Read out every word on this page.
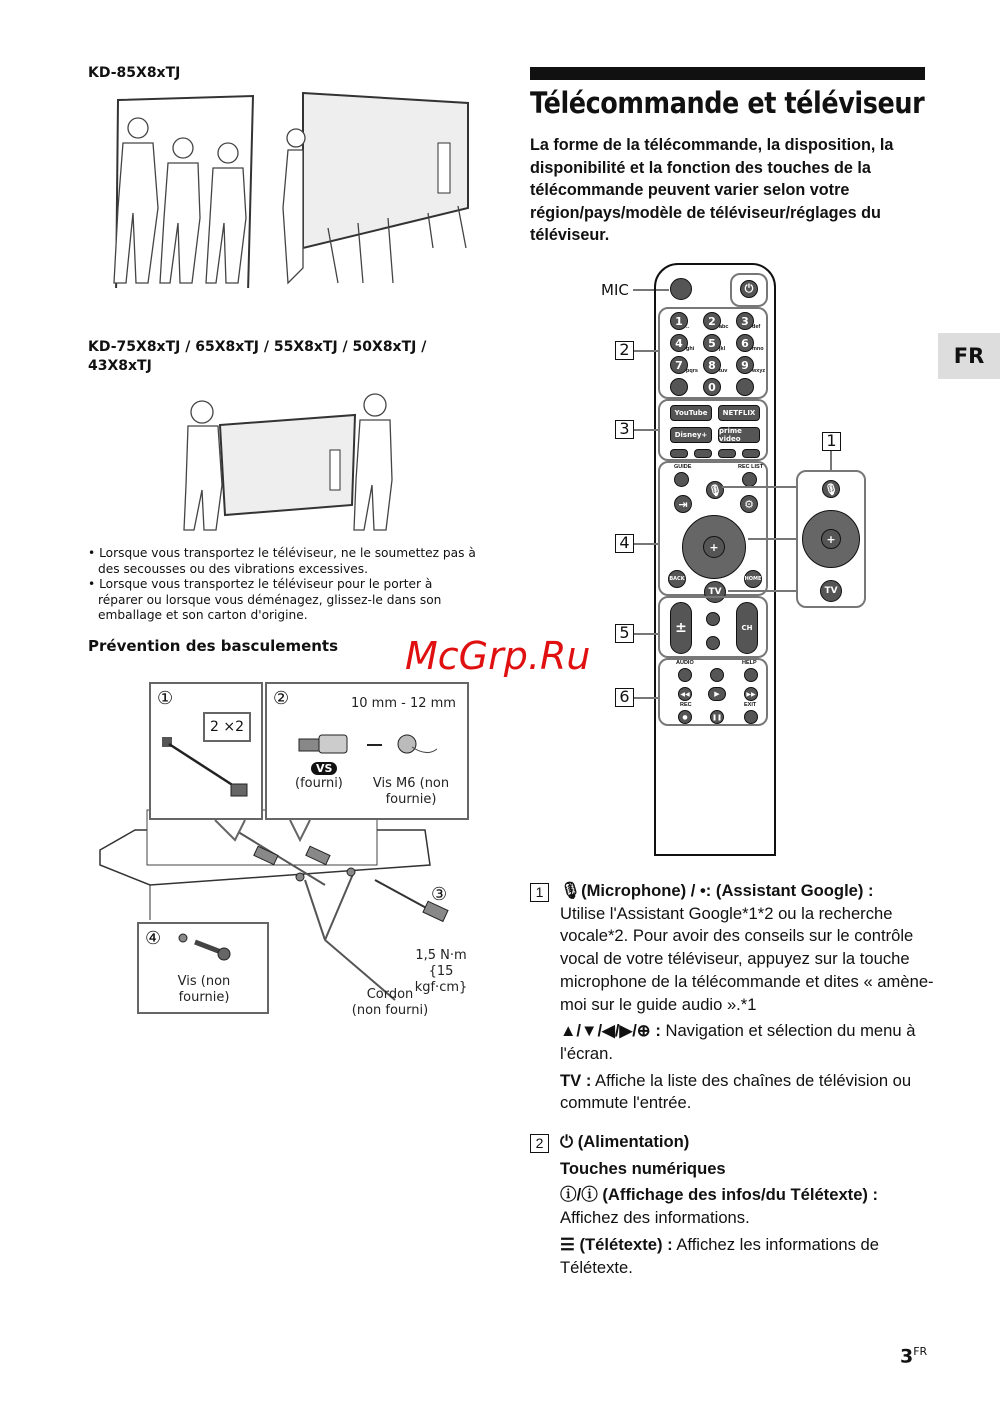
KD-85X8xTJ
KD-75X8xTJ / 65X8xTJ / 55X8xTJ / 50X8xTJ / 43X8xTJ
• Lorsque vous transportez le téléviseur, ne le soumettez pas à des secousses ou des vibrations excessives.
• Lorsque vous transportez le téléviseur pour le porter à réparer ou lorsque vous déménagez, glissez-le dans son emballage et son carton d'origine.
Prévention des basculements
①
2 ×2
②	10 mm - 12 mm
VS
(fourni)	Vis M6 (non fournie)
③
1,5 N·m {15 kgf·cm}
Cordon (non fourni)
④
Vis (non fournie)
Télécommande et téléviseur
La forme de la télécommande, la disposition, la disponibilité et la fonction des touches de la télécommande peuvent varier selon votre région/pays/modèle de téléviseur/réglages du téléviseur.
FR
MIC	⏻
1 ..	2 abc	3 def
4 ghi	5 jkl	6 mno
7 pqrs 8 tuv	9 wxyz
0
YouTube	NETFLIX
Disney+	prime video
GUIDE	REC LIST
🎙
⇥	⚙
+
BACK	HOME
TV
±	CH
AUDIO	HELP
◀◀	▶	▶▶
REC
●	❚❚
EXIT
1
🎙
+
TV
2
3
4
5
6
1	🎙(Microphone) / •: (Assistant Google) :
Utilise l'Assistant Google*1*2 ou la recherche vocale*2. Pour avoir des conseils sur le contrôle vocal de votre téléviseur, appuyez sur la touche microphone de la télécommande et dites « amène-moi sur le guide audio ».*1

▲/▼/◀/▶/⊕ : Navigation et sélection du menu à l'écran.

TV : Affiche la liste des chaînes de télévision ou commute l'entrée.

2	⏻ (Alimentation)

Touches numériques

ⓘ/ⓘ (Affichage des infos/du Télétexte) : Affichez des informations.

☰ (Télétexte) : Affichez les informations de Télétexte.

$3^{FR}$
McGrp.Ru
